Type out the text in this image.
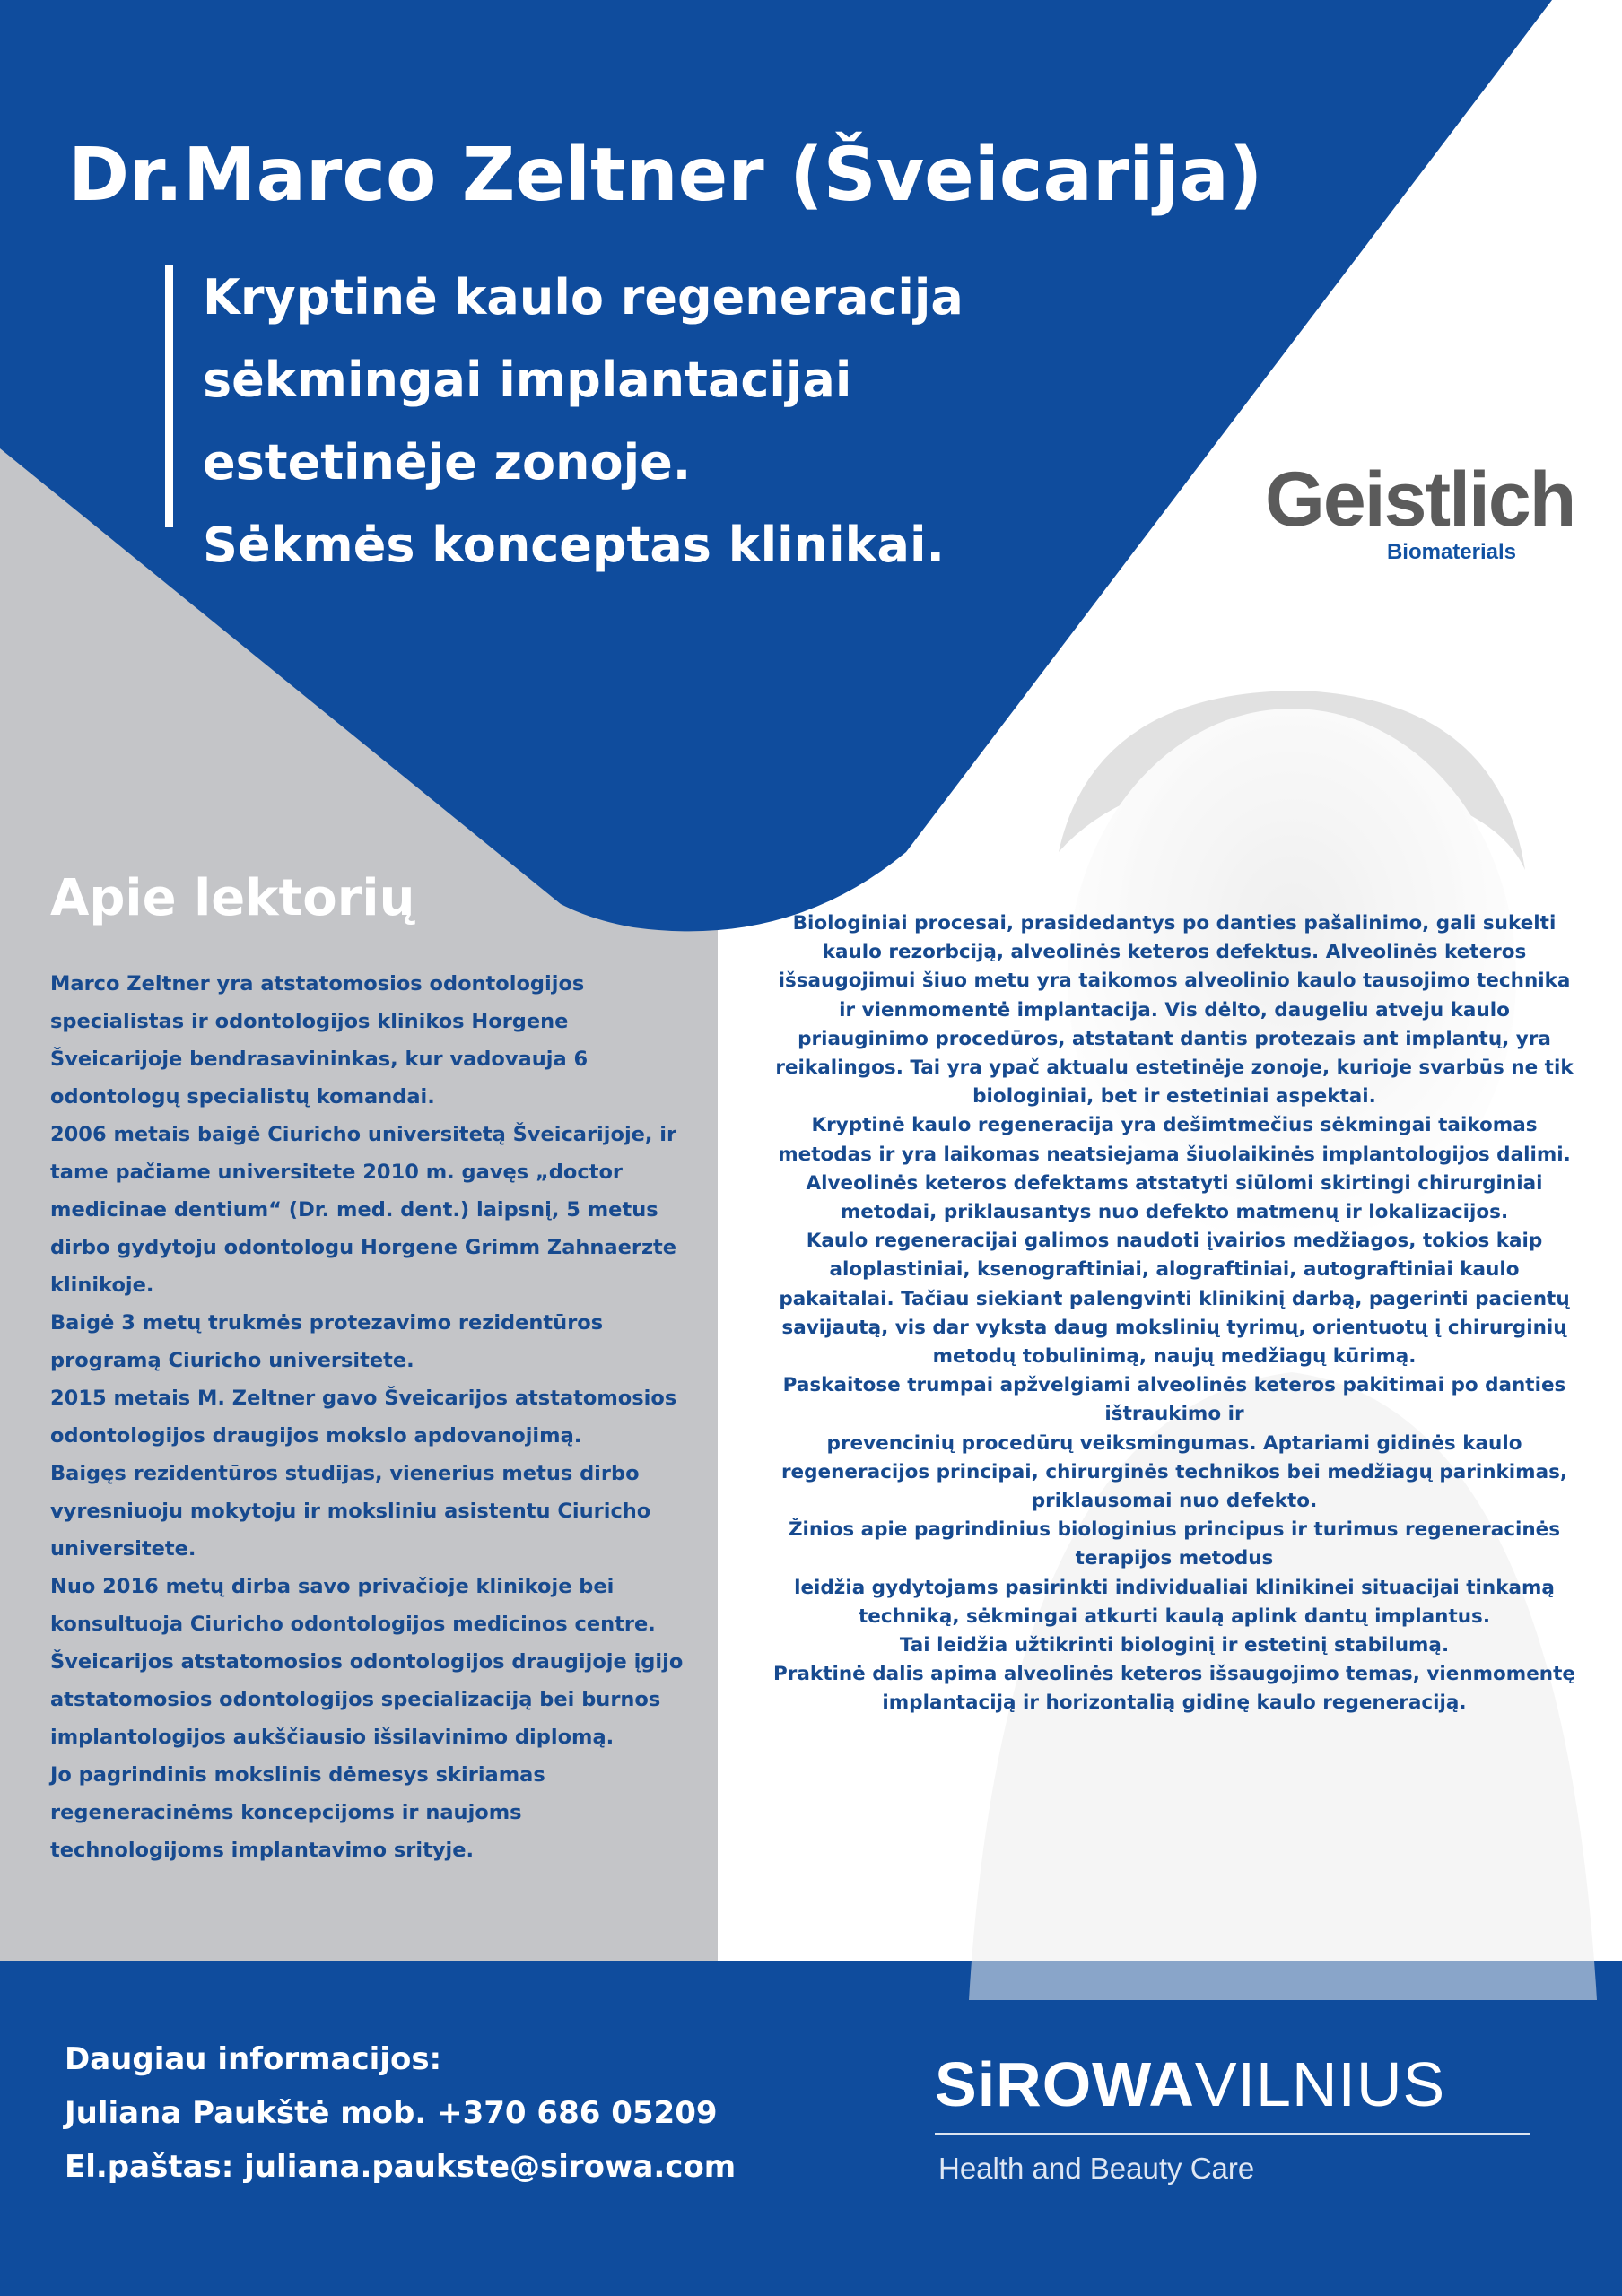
Dr.Marco Zeltner (Šveicarija)
Kryptinė kaulo regeneracija
sėkmingai implantacijai
estetinėje zonoje.
Sėkmės konceptas klinikai.
Geistlich
Biomaterials
Apie lektorių

Marco Zeltner yra atstatomosios odontologijos specialistas ir odontologijos klinikos Horgene Šveicarijoje bendrasavininkas, kur vadovauja 6 odontologų specialistų komandai.

2006 metais baigė Ciuricho universitetą Šveicarijoje, ir tame pačiame universitete 2010 m. gavęs „doctor medicinae dentium“ (Dr. med. dent.) laipsnį, 5 metus dirbo gydytoju odontologu Horgene Grimm Zahnaerzte klinikoje.

Baigė 3 metų trukmės protezavimo rezidentūros programą Ciuricho universitete.

2015 metais M. Zeltner gavo Šveicarijos atstatomosios odontologijos draugijos mokslo apdovanojimą.

Baigęs rezidentūros studijas, vienerius metus dirbo vyresniuoju mokytoju ir moksliniu asistentu Ciuricho universitete.

Nuo 2016 metų dirba savo privačioje klinikoje bei konsultuoja Ciuricho odontologijos medicinos centre.

Šveicarijos atstatomosios odontologijos draugijoje įgijo atstatomosios odontologijos specializaciją bei burnos implantologijos aukščiausio išsilavinimo diplomą.

Jo pagrindinis mokslinis dėmesys skiriamas regeneracinėms koncepcijoms ir naujoms technologijoms implantavimo srityje.

Biologiniai procesai, prasidedantys po danties pašalinimo, gali sukelti kaulo rezorbciją, alveolinės keteros defektus. Alveolinės keteros išsaugojimui šiuo metu yra taikomos alveolinio kaulo tausojimo technika ir vienmomentė implantacija. Vis dėlto, daugeliu atveju kaulo priauginimo procedūros, atstatant dantis protezais ant implantų, yra reikalingos. Tai yra ypač aktualu estetinėje zonoje, kurioje svarbūs ne tik biologiniai, bet ir estetiniai aspektai.

Kryptinė kaulo regeneracija yra dešimtmečius sėkmingai taikomas metodas ir yra laikomas neatsiejama šiuolaikinės implantologijos dalimi. Alveolinės keteros defektams atstatyti siūlomi skirtingi chirurginiai metodai, priklausantys nuo defekto matmenų ir lokalizacijos.

Kaulo regeneracijai galimos naudoti įvairios medžiagos, tokios kaip aloplastiniai, ksenograftiniai, alograftiniai, autograftiniai kaulo pakaitalai. Tačiau siekiant palengvinti klinikinį darbą, pagerinti pacientų savijautą, vis dar vyksta daug mokslinių tyrimų, orientuotų į chirurginių metodų tobulinimą, naujų medžiagų kūrimą.

Paskaitose trumpai apžvelgiami alveolinės keteros pakitimai po danties ištraukimo ir

prevencinių procedūrų veiksmingumas. Aptariami gidinės kaulo regeneracijos principai, chirurginės technikos bei medžiagų parinkimas, priklausomai nuo defekto.

Žinios apie pagrindinius biologinius principus ir turimus regeneracinės terapijos metodus

leidžia gydytojams pasirinkti individualiai klinikinei situacijai tinkamą techniką, sėkmingai atkurti kaulą aplink dantų implantus.

Tai leidžia užtikrinti biologinį ir estetinį stabilumą.

Praktinė dalis apima alveolinės keteros išsaugojimo temas, vienmomentę implantaciją ir horizontalią gidinę kaulo regeneraciją.

Daugiau informacijos:
Juliana Paukštė mob. +370 686 05209
El.paštas: juliana.paukste@sirowa.com
SiROWAVILNIUS
Health and Beauty Care
